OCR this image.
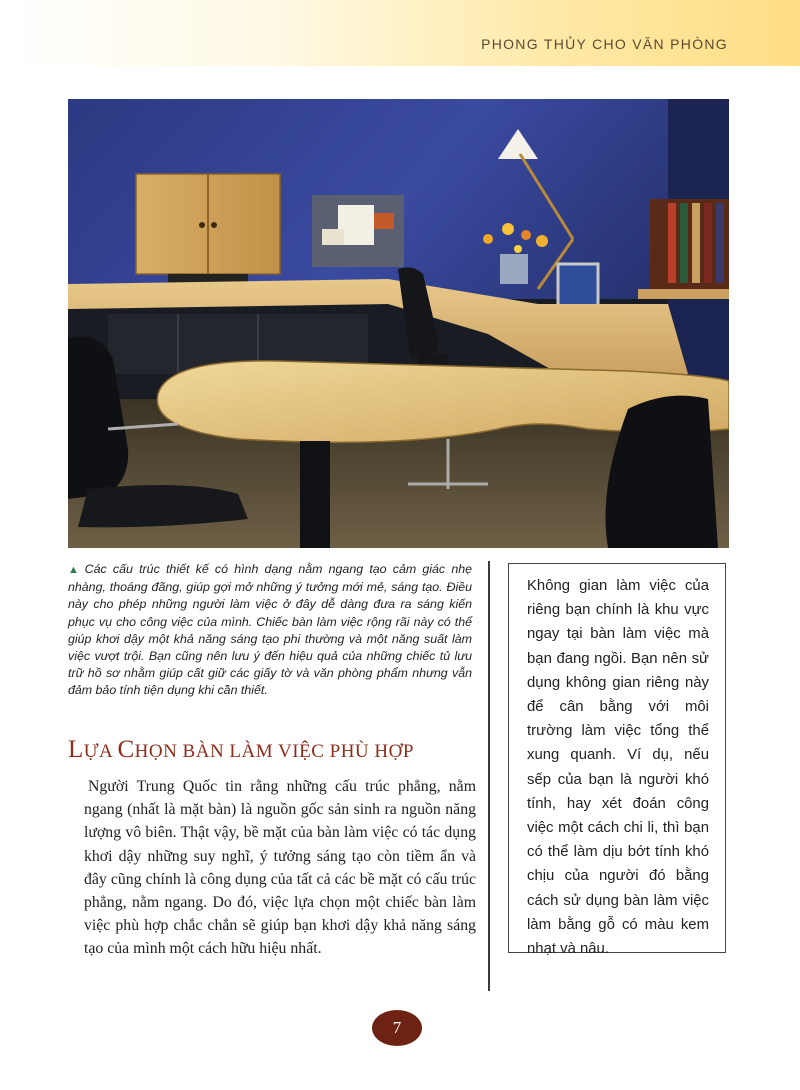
PHONG THỦY CHO VĂN PHÒNG
▲ Các cấu trúc thiết kế có hình dạng nằm ngang tạo cảm giác nhẹ nhàng, thoáng đãng, giúp gợi mở những ý tưởng mới mẻ, sáng tạo. Điều này cho phép những người làm việc ở đây dễ dàng đưa ra sáng kiến phục vụ cho công việc của mình. Chiếc bàn làm việc rộng rãi này có thể giúp khơi dậy một khả năng sáng tạo phi thường và một năng suất làm việc vượt trội. Bạn cũng nên lưu ý đến hiệu quả của những chiếc tủ lưu trữ hồ sơ nhằm giúp cất giữ các giấy tờ và văn phòng phẩm nhưng vẫn đảm bảo tính tiện dụng khi cần thiết.
LỰA CHỌN BÀN LÀM VIỆC PHÙ HỢP
Người Trung Quốc tin rằng những cấu trúc phẳng, nằm ngang (nhất là mặt bàn) là nguồn gốc sản sinh ra nguồn năng lượng vô biên. Thật vậy, bề mặt của bàn làm việc có tác dụng khơi dậy những suy nghĩ, ý tưởng sáng tạo còn tiềm ẩn và đây cũng chính là công dụng của tất cả các bề mặt có cấu trúc phẳng, nằm ngang. Do đó, việc lựa chọn một chiếc bàn làm việc phù hợp chắc chắn sẽ giúp bạn khơi dậy khả năng sáng tạo của mình một cách hữu hiệu nhất.
Không gian làm việc của riêng bạn chính là khu vực ngay tại bàn làm việc mà bạn đang ngồi. Bạn nên sử dụng không gian riêng này để cân bằng với môi trường làm việc tổng thể xung quanh. Ví dụ, nếu sếp của bạn là người khó tính, hay xét đoán công việc một cách chi li, thì bạn có thể làm dịu bớt tính khó chịu của người đó bằng cách sử dụng bàn làm việc làm bằng gỗ có màu kem nhạt và nâu.
7
